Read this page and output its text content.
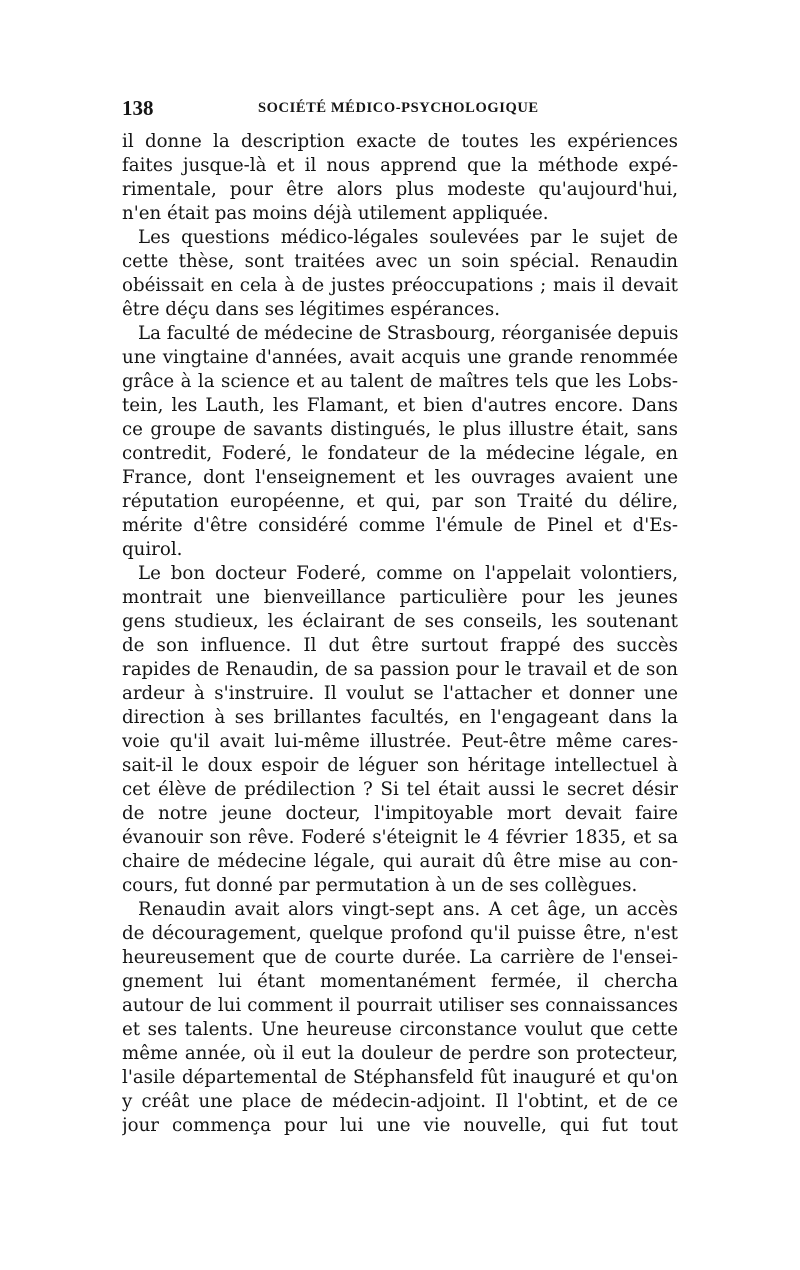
138	SOCIÉTÉ MÉDICO-PSYCHOLOGIQUE
il donne la description exacte de toutes les expériences
faites jusque-là et il nous apprend que la méthode expé-
rimentale, pour être alors plus modeste qu'aujourd'hui,
n'en était pas moins déjà utilement appliquée.
Les questions médico-légales soulevées par le sujet de
cette thèse, sont traitées avec un soin spécial. Renaudin
obéissait en cela à de justes préoccupations ; mais il devait
être déçu dans ses légitimes espérances.
La faculté de médecine de Strasbourg, réorganisée depuis
une vingtaine d'années, avait acquis une grande renommée
grâce à la science et au talent de maîtres tels que les Lobs-
tein, les Lauth, les Flamant, et bien d'autres encore. Dans
ce groupe de savants distingués, le plus illustre était, sans
contredit, Foderé, le fondateur de la médecine légale, en
France, dont l'enseignement et les ouvrages avaient une
réputation européenne, et qui, par son Traité du délire,
mérite d'être considéré comme l'émule de Pinel et d'Es-
quirol.
Le bon docteur Foderé, comme on l'appelait volontiers,
montrait une bienveillance particulière pour les jeunes
gens studieux, les éclairant de ses conseils, les soutenant
de son influence. Il dut être surtout frappé des succès
rapides de Renaudin, de sa passion pour le travail et de son
ardeur à s'instruire. Il voulut se l'attacher et donner une
direction à ses brillantes facultés, en l'engageant dans la
voie qu'il avait lui-même illustrée. Peut-être même cares-
sait-il le doux espoir de léguer son héritage intellectuel à
cet élève de prédilection ? Si tel était aussi le secret désir
de notre jeune docteur, l'impitoyable mort devait faire
évanouir son rêve. Foderé s'éteignit le 4 février 1835, et sa
chaire de médecine légale, qui aurait dû être mise au con-
cours, fut donné par permutation à un de ses collègues.
Renaudin avait alors vingt-sept ans. A cet âge, un accès
de découragement, quelque profond qu'il puisse être, n'est
heureusement que de courte durée. La carrière de l'ensei-
gnement lui étant momentanément fermée, il chercha
autour de lui comment il pourrait utiliser ses connaissances
et ses talents. Une heureuse circonstance voulut que cette
même année, où il eut la douleur de perdre son protecteur,
l'asile départemental de Stéphansfeld fût inauguré et qu'on
y créât une place de médecin-adjoint. Il l'obtint, et de ce
jour commença pour lui une vie nouvelle, qui fut tout
